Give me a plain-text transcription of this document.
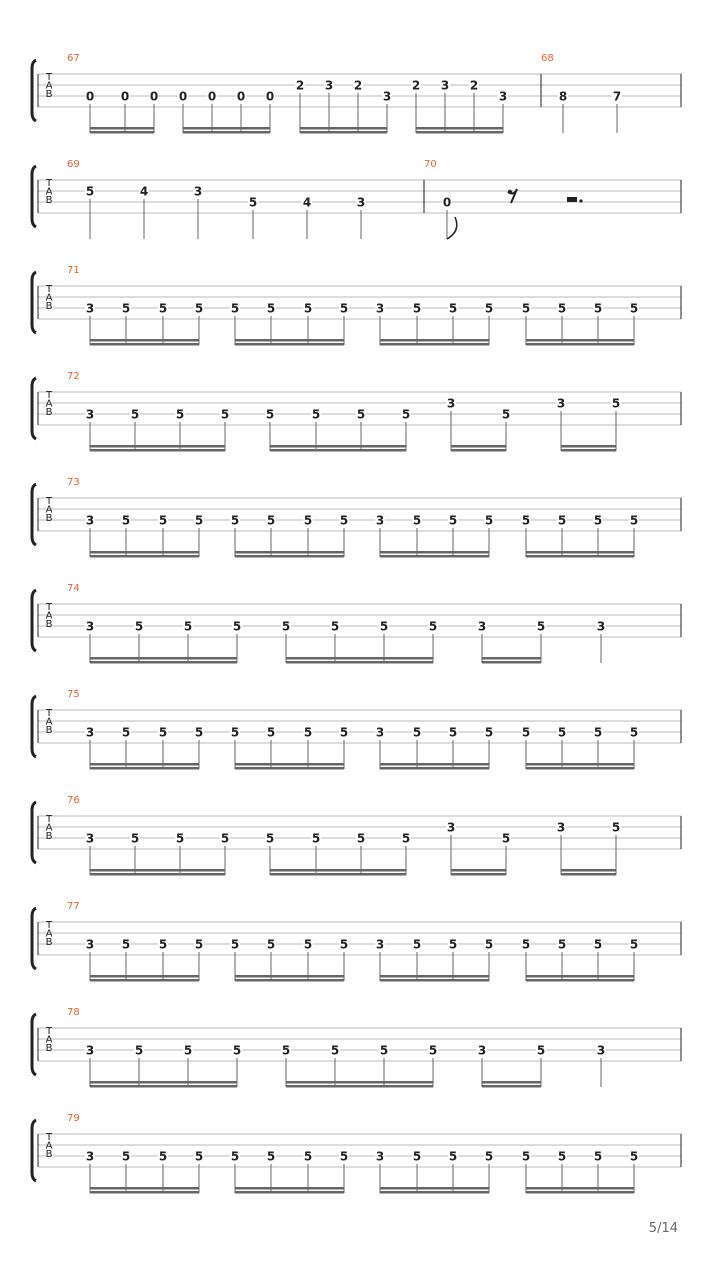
T
A
B
67
0 0 0 0 0 0 0
2 3 2
3
2 3 2
3
68
8	7
T
A
B
69
5	4	3
5	4	3
70
0
T
A
B
71
3 5 5 5 5 5 5 5 3 5 5 5 5 5 5 5
T
A
B
72
3	5	5	5	5	5	5	5
3
5
3	5
T
A
B
73
3 5 5 5 5 5 5 5 3 5 5 5 5 5 5 5
T
A
B
74
3	5	5	5	5	5	5	5	3	5	3
T
A
B
75
3 5 5 5 5 5 5 5 3 5 5 5 5 5 5 5
T
A
B
76
3	5	5	5	5	5	5	5
3
5
3	5
T
A
B
77
3 5 5 5 5 5 5 5 3 5 5 5 5 5 5 5
T
A
B
78
3	5	5	5	5	5	5	5	3	5	3
T
A
B
79
3 5 5 5 5 5 5 5 3 5 5 5 5 5 5 5
5/14
